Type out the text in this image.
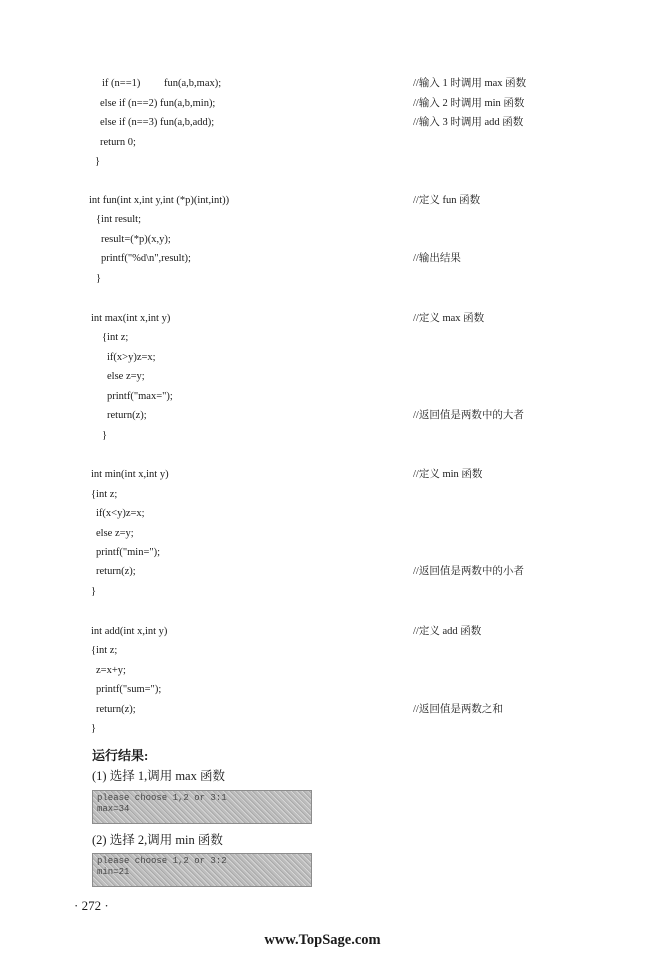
if (n==1)         fun(a,b,max);	//输入 1 时调用 max 函数
else if (n==2) fun(a,b,min);	//输入 2 时调用 min 函数
else if (n==3) fun(a,b,add);	//输入 3 时调用 add 函数
return 0;
}
int fun(int x,int y,int (*p)(int,int))	//定义 fun 函数
{int result;
result=(*p)(x,y);
printf("%d\n",result);	//输出结果
}
int max(int x,int y)	//定义 max 函数
{int z;
if(x>y)z=x;
else z=y;
printf("max=");
return(z);	//返回值是两数中的大者
}
int min(int x,int y)	//定义 min 函数
{int z;
if(x<y)z=x;
else z=y;
printf("min=");
return(z);	//返回值是两数中的小者
}
int add(int x,int y)	//定义 add 函数
{int z;
z=x+y;
printf("sum=");
return(z);	//返回值是两数之和
}
运行结果:
(1) 选择 1,调用 max 函数
please choose 1,2 or 3:1
max=34
(2) 选择 2,调用 min 函数
please choose 1,2 or 3:2
min=21
· 272 ·
www.TopSage.com
